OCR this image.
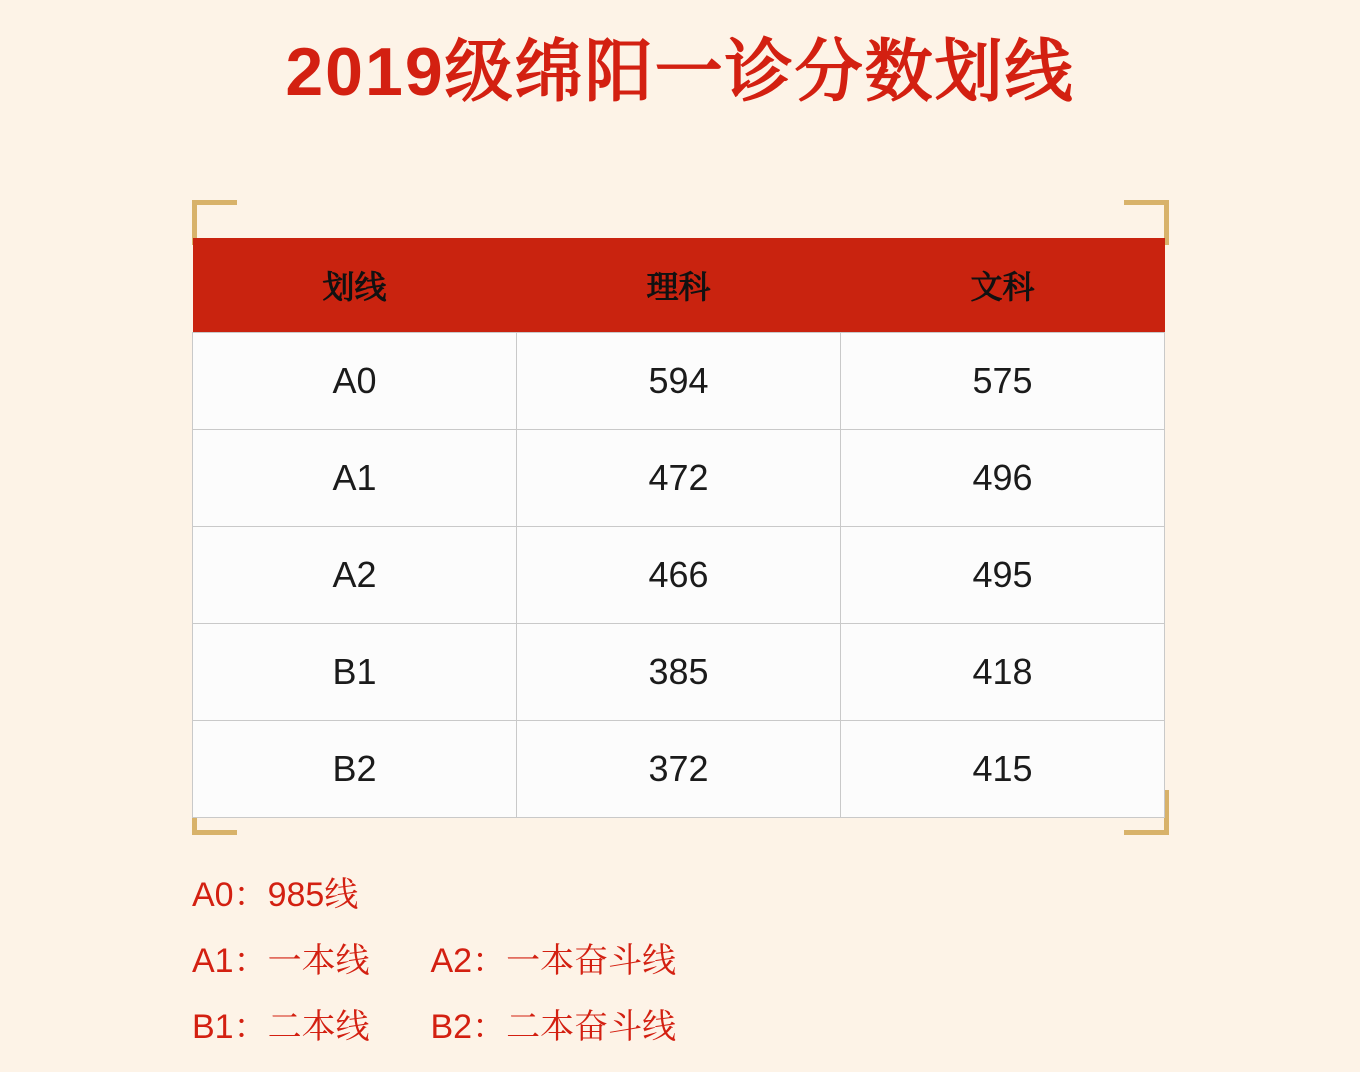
2019级绵阳一诊分数划线
划线	理科	文科
A0	594	575
A1	472	496
A2	466	495
B1	385	418
B2	372	415
A0：985线
A1：一本线 A2：一本奋斗线
B1：二本线 B2：二本奋斗线
